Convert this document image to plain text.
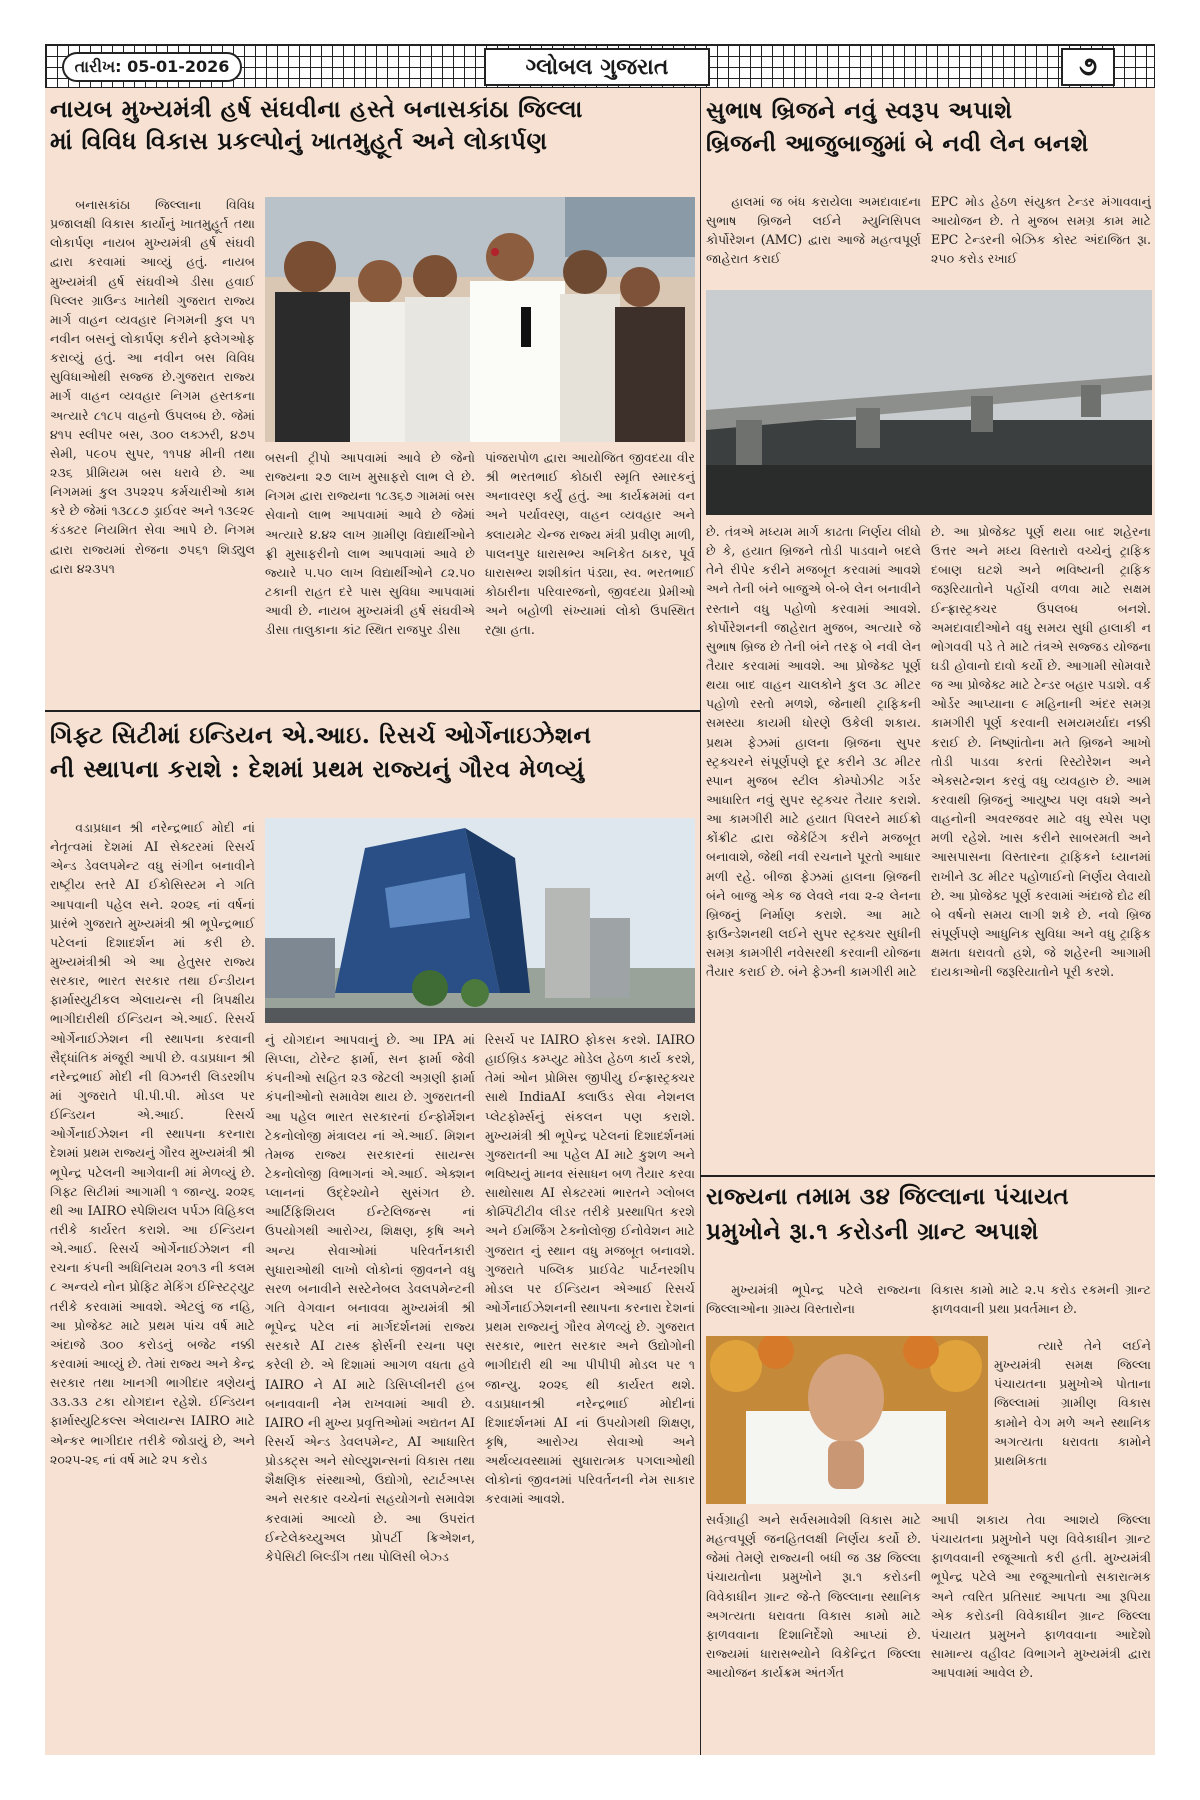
તારીખ: 05-01-2026	ગ્લોબલ ગુજરાત	૭
નાયબ મુખ્યમંત્રી હર્ષ સંઘવીના હસ્તે બનાસકાંઠા જિલ્લા
માં વિવિધ વિકાસ પ્રકલ્પોનું ખાતમુહૂર્ત અને લોકાર્પણ

બનાસકાંઠા જિલ્લાના વિવિધ પ્રજાલક્ષી વિકાસ કાર્યોનું ખાતમુહૂર્ત તથા લોકાર્પણ નાયબ મુખ્યમંત્રી હર્ષ સંઘવી દ્વારા કરવામાં આવ્યું હતું. નાયબ મુખ્યમંત્રી હર્ષ સંઘવીએ ડીસા હવાઈ પિલ્લર ગ્રાઉન્ડ ખાતેથી ગુજરાત રાજ્ય માર્ગ વાહન વ્યવહાર નિગમની કુલ ૫૧ નવીન બસનું લોકાર્પણ કરીને ફ્લેગઓફ કરાવ્યું હતું. આ નવીન બસ વિવિધ સુવિધાઓથી સજ્જ છે.ગુજરાત રાજ્ય માર્ગ વાહન વ્યવહાર નિગમ હસ્તકના અત્યારે ૮૧૮૫ વાહનો ઉપલબ્ધ છે. જેમાં ૪૧૫ સ્લીપર બસ, ૩૦૦ લક્ઝરી, ૪૭૫ સેમી, ૫૯૦૫ સુપર, ૧૧૫૪ મીની તથા ૨૩૬ પ્રીમિયમ બસ ધરાવે છે. આ નિગમમાં કુલ ૩૫૨૨૫ કર્મચારીઓ કામ કરે છે જેમાં ૧૩૮૮૭ ડ્રાઈવર અને ૧૩૯૨૯ કંડક્ટર નિયમિત સેવા આપે છે. નિગમ દ્વારા રાજ્યમાં રોજના ૭૫૬૧ શિડ્યુલ દ્વારા ૪૨૩૫૧

બસની ટ્રીપો આપવામાં આવે છે જેનો રાજ્યના ૨૭ લાખ મુસાફરો લાભ લે છે. નિગમ દ્વારા રાજ્યના ૧૮૩૬૭ ગામમાં બસ સેવાનો લાભ આપવામાં આવે છે જેમાં અત્યારે ૪.૪૨ લાખ ગ્રામીણ વિદ્યાર્થીઓને ફ્રી મુસાફરીનો લાભ આપવામાં આવે છે જ્યારે ૫.૫૦ લાખ વિદ્યાર્થીઓને ૮૨.૫૦ ટકાની રાહત દરે પાસ સુવિધા આપવામાં આવી છે. નાયબ મુખ્યમંત્રી હર્ષ સંઘવીએ ડીસા તાલુકાના કાંટ સ્થિત રાજપુર ડીસા

પાંજરાપોળ દ્વારા આયોજિત જીવદયા વીર શ્રી ભરતભાઈ કોઠારી સ્મૃતિ સ્મારકનું અનાવરણ કર્યું હતું. આ કાર્યક્રમમાં વન અને પર્યાવરણ, વાહન વ્યવહાર અને ક્લાયમેટ ચેન્જ રાજ્ય મંત્રી પ્રવીણ માળી, પાલનપુર ધારાસભ્ય અનિકેત ઠાકર, પૂર્વ ધારાસભ્ય શશીકાંત પંડ્યા, સ્વ. ભરતભાઈ કોઠારીના પરિવારજનો, જીવદયા પ્રેમીઓ અને બહોળી સંખ્યામાં લોકો ઉપસ્થિત રહ્યા હતા.

ગિફ્ટ સિટીમાં ઇન્ડિયન એ.આઇ. રિસર્ચ ઓર્ગેનાઇઝેશન
ની સ્થાપના કરાશે : દેશમાં પ્રથમ રાજ્યનું ગૌરવ મેળવ્યું

વડાપ્રધાન શ્રી નરેન્દ્રભાઈ મોદી નાં નેતૃત્વમાં દેશમાં AI સેક્ટરમાં રિસર્ચ એન્ડ ડેવલપમેન્ટ વધુ સંગીન બનાવીને રાષ્ટ્રીય સ્તરે AI ઈકોસિસ્ટમ ને ગતિ આપવાની પહેલ સને. ૨૦૨૬ નાં વર્ષનાં પ્રારંભે ગુજરાતે મુખ્યમંત્રી શ્રી ભૂપેન્દ્રભાઈ પટેલનાં દિશાદર્શન માં કરી છે. મુખ્યમંત્રીશ્રી એ આ હેતુસર રાજ્ય સરકાર, ભારત સરકાર તથા ઈન્ડીયન ફાર્માસ્યુટીકલ એલાયન્સ ની ત્રિપક્ષીય ભાગીદારીથી ઈન્ડિયન એ.આઈ. રિસર્ચ ઓર્ગેનાઈઝેશન ની સ્થાપના કરવાની સૈદ્ધાંતિક મંજૂરી આપી છે. વડાપ્રધાન શ્રી નરેન્દ્રભાઈ મોદી ની વિઝનરી લિડરશીપ માં ગુજરાતે પી.પી.પી. મોડલ પર ઈન્ડિયન એ.આઈ. રિસર્ચ ઓર્ગેનાઈઝેશન ની સ્થાપના કરનારા દેશમાં પ્રથમ રાજ્યનું ગૌરવ મુખ્યમંત્રી શ્રી ભૂપેન્દ્ર પટેલની આગેવાની માં મેળવ્યું છે. ગિફ્ટ સિટીમાં આગામી ૧ જાન્યુ. ૨૦૨૬ થી આ IAIRO સ્પેશિયલ પર્પઝ વિહિકલ તરીકે કાર્યરત કરાશે. આ ઈન્ડિયન એ.આઈ. રિસર્ચ ઓર્ગેનાઈઝેશન ની રચના કંપની અધિનિયમ ૨૦૧૩ ની કલમ ૮ અન્વયે નોન પ્રોફિટ મેકિંગ ઈન્સ્ટિટ્યુટ તરીકે કરવામાં આવશે. એટલું જ નહિ, આ પ્રોજેક્ટ માટે પ્રથમ પાંચ વર્ષ માટે અંદાજે ૩૦૦ કરોડનું બજેટ નક્કી કરવામાં આવ્યું છે. તેમાં રાજ્ય અને કેન્દ્ર સરકાર તથા ખાનગી ભાગીદાર ત્રણેયનું ૩૩.૩૩ ટકા યોગદાન રહેશે. ઈન્ડિયન ફાર્માસ્યુટિકલ્સ એલાયન્સ IAIRO માટે એન્કર ભાગીદાર તરીકે જોડાયું છે, અને ૨૦૨૫-૨૬ નાં વર્ષ માટે ૨૫ કરોડ

નું યોગદાન આપવાનું છે. આ IPA માં સિપ્લા, ટોરેન્ટ ફાર્મા, સન ફાર્મા જેવી કંપનીઓ સહિત ૨૩ જેટલી અગ્રણી ફાર્મા કંપનીઓનો સમાવેશ થાય છે. ગુજરાતની આ પહેલ ભારત સરકારનાં ઈન્ફોર્મેશન ટેકનોલોજી મંત્રાલય નાં એ.આઈ. મિશન તેમજ રાજ્ય સરકારનાં સાયન્સ ટેકનોલોજી વિભાગનાં એ.આઈ. એક્શન પ્લાનનાં ઉદ્દેશ્યોને સુસંગત છે. આર્ટિફિશિયલ ઈન્ટેલિજન્સ નાં ઉપયોગથી આરોગ્ય, શિક્ષણ, કૃષિ અને અન્ય સેવાઓમાં પરિવર્તનકારી સુધારાઓથી લાખો લોકોનાં જીવનને વધુ સરળ બનાવીને સસ્ટેનેબલ ડેવલપમેન્ટની ગતિ વેગવાન બનાવવા મુખ્યમંત્રી શ્રી ભૂપેન્દ્ર પટેલ નાં માર્ગદર્શનમાં રાજ્ય સરકારે AI ટાસ્ક ફોર્સની રચના પણ કરેલી છે. એ દિશામાં આગળ વધતા હવે IAIRO ને AI માટે ડિસિપ્લીનરી હબ બનાવવાની નેમ રાખવામાં આવી છે. IAIRO ની મુખ્ય પ્રવૃત્તિઓમાં અદ્યતન AI રિસર્ચ એન્ડ ડેવલપમેન્ટ, AI આધારિત પ્રોડક્ટ્સ અને સોલ્યુશન્સનાં વિકાસ તથા શૈક્ષણિક સંસ્થાઓ, ઉદ્યોગો, સ્ટાર્ટઅપ્સ અને સરકાર વચ્ચેનાં સહયોગનો સમાવેશ કરવામાં આવ્યો છે. આ ઉપરાંત ઈન્ટેલેક્ચ્યુઅલ પ્રોપર્ટી ક્રિએશન, કેપેસિટી બિલ્ડીંગ તથા પોલિસી બેઝ્ડ

રિસર્ચ પર IAIRO ફોકસ કરશે. IAIRO હાઈબ્રિડ કમ્પ્યુટ મોડેલ હેઠળ કાર્ય કરશે, તેમાં ઓન પ્રોમિસ જીપીયુ ઈન્ફ્રાસ્ટ્રક્ચર સાથે IndiaAI ક્લાઉડ સેવા નેશનલ પ્લેટફોર્મ્સનું સંકલન પણ કરાશે. મુખ્યમંત્રી શ્રી ભૂપેન્દ્ર પટેલનાં દિશાદર્શનમાં ગુજરાતની આ પહેલ AI માટે કુશળ અને ભવિષ્યનું માનવ સંસાધન બળ તૈયાર કરવા સાથોસાથ AI સેક્ટરમાં ભારતને ગ્લોબલ કોમ્પિટીટીવ લીડર તરીકે પ્રસ્થાપિત કરશે અને ઈમર્જિંગ ટેક્નોલોજી ઈનોવેશન માટે ગુજરાત નું સ્થાન વધુ મજબૂત બનાવશે. ગુજરાતે પબ્લિક પ્રાઈવેટ પાર્ટનરશીપ મોડલ પર ઈન્ડિયન એઆઈ રિસર્ચ ઓર્ગેનાઈઝેશનની સ્થાપના કરનારા દેશનાં પ્રથમ રાજ્યનું ગૌરવ મેળવ્યું છે. ગુજરાત સરકાર, ભારત સરકાર અને ઉદ્યોગોની ભાગીદારી થી આ પીપીપી મોડલ પર ૧ જાન્યુ. ૨૦૨૬ થી કાર્યરત થશે. વડાપ્રધાનશ્રી નરેન્દ્રભાઈ મોદીનાં દિશાદર્શનમાં AI નાં ઉપયોગથી શિક્ષણ, કૃષિ, આરોગ્ય સેવાઓ અને અર્થવ્યવસ્થામાં સુધારાત્મક પગલાઓથી લોકોનાં જીવનમાં પરિવર્તનની નેમ સાકાર કરવામાં આવશે.

સુભાષ બ્રિજને નવું સ્વરૂપ અપાશે
બ્રિજની આજુબાજુમાં બે નવી લેન બનશે

હાલમાં જ બંધ કરાયેલા અમદાવાદના સુભાષ બ્રિજને લઈને મ્યુનિસિપલ કોર્પોરેશન (AMC) દ્વારા આજે મહત્વપૂર્ણ જાહેરાત કરાઈ

EPC મોડ હેઠળ સંયુક્ત ટેન્ડર મંગાવવાનું આયોજન છે. તે મુજબ સમગ્ર કામ માટે EPC ટેન્ડરની બેઝિક કોસ્ટ અંદાજિત રૂા. ૨૫૦ કરોડ રખાઈ

છે. તંત્રએ મધ્યમ માર્ગ કાઢતા નિર્ણય લીધો છે કે, હયાત બ્રિજને તોડી પાડવાને બદલે તેને રીપેર કરીને મજબૂત કરવામાં આવશે અને તેની બંને બાજુએ બે-બે લેન બનાવીને રસ્તાને વધુ પહોળો કરવામાં આવશે. કોર્પોરેશનની જાહેરાત મુજબ, અત્યારે જે સુભાષ બ્રિજ છે તેની બંને તરફ બે નવી લેન તૈયાર કરવામાં આવશે. આ પ્રોજેક્ટ પૂર્ણ થયા બાદ વાહન ચાલકોને કુલ ૩૮ મીટર પહોળો રસ્તો મળશે, જેનાથી ટ્રાફિકની સમસ્યા કાયમી ધોરણે ઉકેલી શકાય. પ્રથમ ફેઝમાં હાલના બ્રિજના સુપર સ્ટ્રક્ચરને સંપૂર્ણપણે દૂર કરીને ૩૮ મીટર સ્પાન મુજબ સ્ટીલ કોમ્પોઝીટ ગર્ડર આધારિત નવું સુપર સ્ટ્રક્ચર તૈયાર કરાશે. આ કામગીરી માટે હયાત પિલરને માઈક્રો કોંક્રીટ દ્વારા જેકેટિંગ કરીને મજબૂત બનાવાશે, જેથી નવી રચનાને પૂરતો આધાર મળી રહે. બીજા ફેઝમાં હાલના બ્રિજની બંને બાજુ એક જ લેવલે નવા ૨-૨ લેનના બ્રિજનું નિર્માણ કરાશે. આ માટે ફાઉન્ડેશનથી લઈને સુપર સ્ટ્રક્ચર સુધીની સમગ્ર કામગીરી નવેસરથી કરવાની યોજના તૈયાર કરાઈ છે. બંને ફેઝની કામગીરી માટે

છે. આ પ્રોજેક્ટ પૂર્ણ થયા બાદ શહેરના ઉત્તર અને મધ્ય વિસ્તારો વચ્ચેનું ટ્રાફિક દબાણ ઘટશે અને ભવિષ્યની ટ્રાફિક જરૂરિયાતોને પહોંચી વળવા માટે સક્ષમ ઈન્ફ્રાસ્ટ્રક્ચર ઉપલબ્ધ બનશે. અમદાવાદીઓને વધુ સમય સુધી હાલાકી ન ભોગવવી પડે તે માટે તંત્રએ સજ્જડ યોજના ઘડી હોવાનો દાવો કર્યો છે. આગામી સોમવારે જ આ પ્રોજેક્ટ માટે ટેન્ડર બહાર પડાશે. વર્ક ઓર્ડર આપ્યાના ૯ મહિનાની અંદર સમગ્ર કામગીરી પૂર્ણ કરવાની સમયમર્યાદા નક્કી કરાઈ છે. નિષ્ણાંતોના મતે બ્રિજને આખો તોડી પાડવા કરતાં રિસ્ટોરેશન અને એક્સટેન્શન કરવું વધુ વ્યવહારુ છે. આમ કરવાથી બ્રિજનું આયુષ્ય પણ વધશે અને વાહનોની અવરજવર માટે વધુ સ્પેસ પણ મળી રહેશે. ખાસ કરીને સાબરમતી અને આસપાસના વિસ્તારના ટ્રાફિકને ધ્યાનમાં રાખીને ૩૮ મીટર પહોળાઈનો નિર્ણય લેવાયો છે. આ પ્રોજેક્ટ પૂર્ણ કરવામાં અંદાજે દોઢ થી બે વર્ષનો સમય લાગી શકે છે. નવો બ્રિજ સંપૂર્ણપણે આધુનિક સુવિધા અને વધુ ટ્રાફિક ક્ષમતા ધરાવતો હશે, જે શહેરની આગામી દાયકાઓની જરૂરિયાતોને પૂરી કરશે.

રાજ્યના તમામ ૩૪ જિલ્લાના પંચાયત
પ્રમુખોને રૂા.૧ કરોડની ગ્રાન્ટ અપાશે

મુખ્યમંત્રી ભૂપેન્દ્ર પટેલે રાજ્યના જિલ્લાઓના ગ્રામ્ય વિસ્તારોના

વિકાસ કામો માટે ૨.૫ કરોડ રકમની ગ્રાન્ટ ફાળવવાની પ્રથા પ્રવર્તમાન છે.

ત્યારે તેને લઈને મુખ્યમંત્રી સમક્ષ જિલ્લા પંચાયતના પ્રમુખોએ પોતાના જિલ્લામાં ગ્રામીણ વિકાસ કામોને વેગ મળે અને સ્થાનિક અગત્યતા ધરાવતા કામોને પ્રાથમિકતા

સર્વગ્રાહી અને સર્વસમાવેશી વિકાસ માટે મહત્વપૂર્ણ જનહિતલક્ષી નિર્ણય કર્યો છે. જેમાં તેમણે રાજ્યની બધી જ ૩૪ જિલ્લા પંચાયતોના પ્રમુખોને રૂા.૧ કરોડની વિવેકાધીન ગ્રાન્ટ જે-તે જિલ્લાના સ્થાનિક અગત્યતા ધરાવતા વિકાસ કામો માટે ફાળવવાના દિશાનિર્દેશો આપ્યાં છે. રાજ્યમાં ધારાસભ્યોને વિકેન્દ્રિત જિલ્લા આયોજન કાર્યક્રમ અંતર્ગત

આપી શકાય તેવા આશયે જિલ્લા પંચાયતના પ્રમુખોને પણ વિવેકાધીન ગ્રાન્ટ ફાળવવાની રજૂઆતો કરી હતી. મુખ્યમંત્રી ભૂપેન્દ્ર પટેલે આ રજૂઆતોનો સકારાત્મક અને ત્વરિત પ્રતિસાદ આપતા આ રૂપિયા એક કરોડની વિવેકાધીન ગ્રાન્ટ જિલ્લા પંચાયત પ્રમુખને ફાળવવાના આદેશો સામાન્ય વહીવટ વિભાગને મુખ્યમંત્રી દ્વારા આપવામાં આવેલ છે.
